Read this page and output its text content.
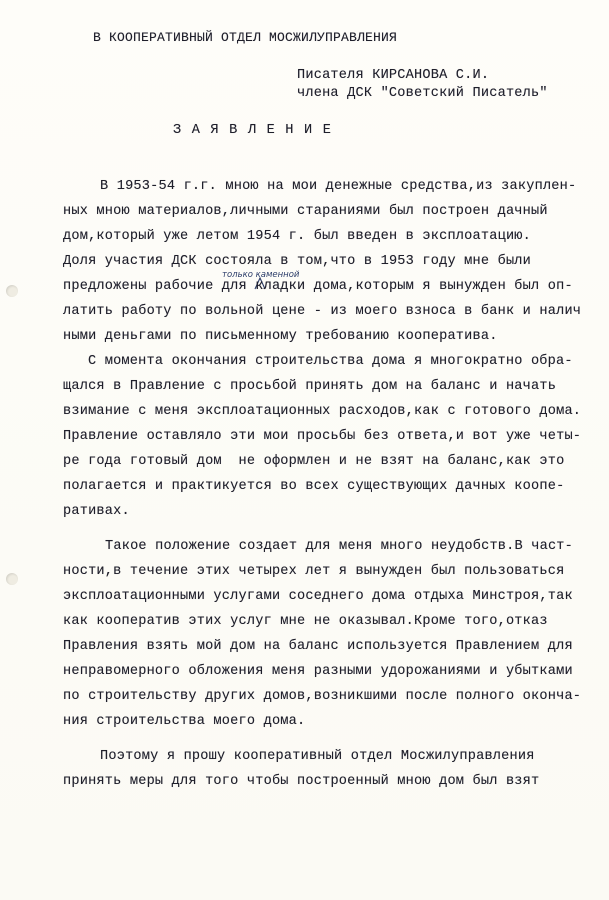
В КООПЕРАТИВНЫЙ ОТДЕЛ МОСЖИЛУПРАВЛЕНИЯ
Писателя КИРСАНОВА С.И.
члена ДСК "Советский Писатель"
З А Я В Л Е Н И Е
В 1953-54 г.г. мною на мои денежные средства,из закуплен-
ных мною материалов,личными стараниями был построен дачный
дом,который уже летом 1954 г. был введен в эксплоатацию.
Доля участия ДСК состояла в том,что в 1953 году мне были
только каменной
предложены рабочие для кладки дома,которым я вынужден был оп-
латить работу по вольной цене - из моего взноса в банк и налич
ными деньгами по письменному требованию кооператива.
С момента окончания строительства дома я многократно обра-
щался в Правление с просьбой принять дом на баланс и начать
взимание с меня эксплоатационных расходов,как с готового дома.
Правление оставляло эти мои просьбы без ответа,и вот уже четы-
ре года готовый дом  не оформлен и не взят на баланс,как это
полагается и практикуется во всех существующих дачных коопе-
ративах.
Такое положение создает для меня много неудобств.В част-
ности,в течение этих четырех лет я вынужден был пользоваться
эксплоатационными услугами соседнего дома отдыха Минстроя,так
как кооператив этих услуг мне не оказывал.Кроме того,отказ
Правления взять мой дом на баланс используется Правлением для
неправомерного обложения меня разными удорожаниями и убытками
по строительству других домов,возникшими после полного оконча-
ния строительства моего дома.
Поэтому я прошу кооперативный отдел Мосжилуправления
принять меры для того чтобы построенный мною дом был взят
